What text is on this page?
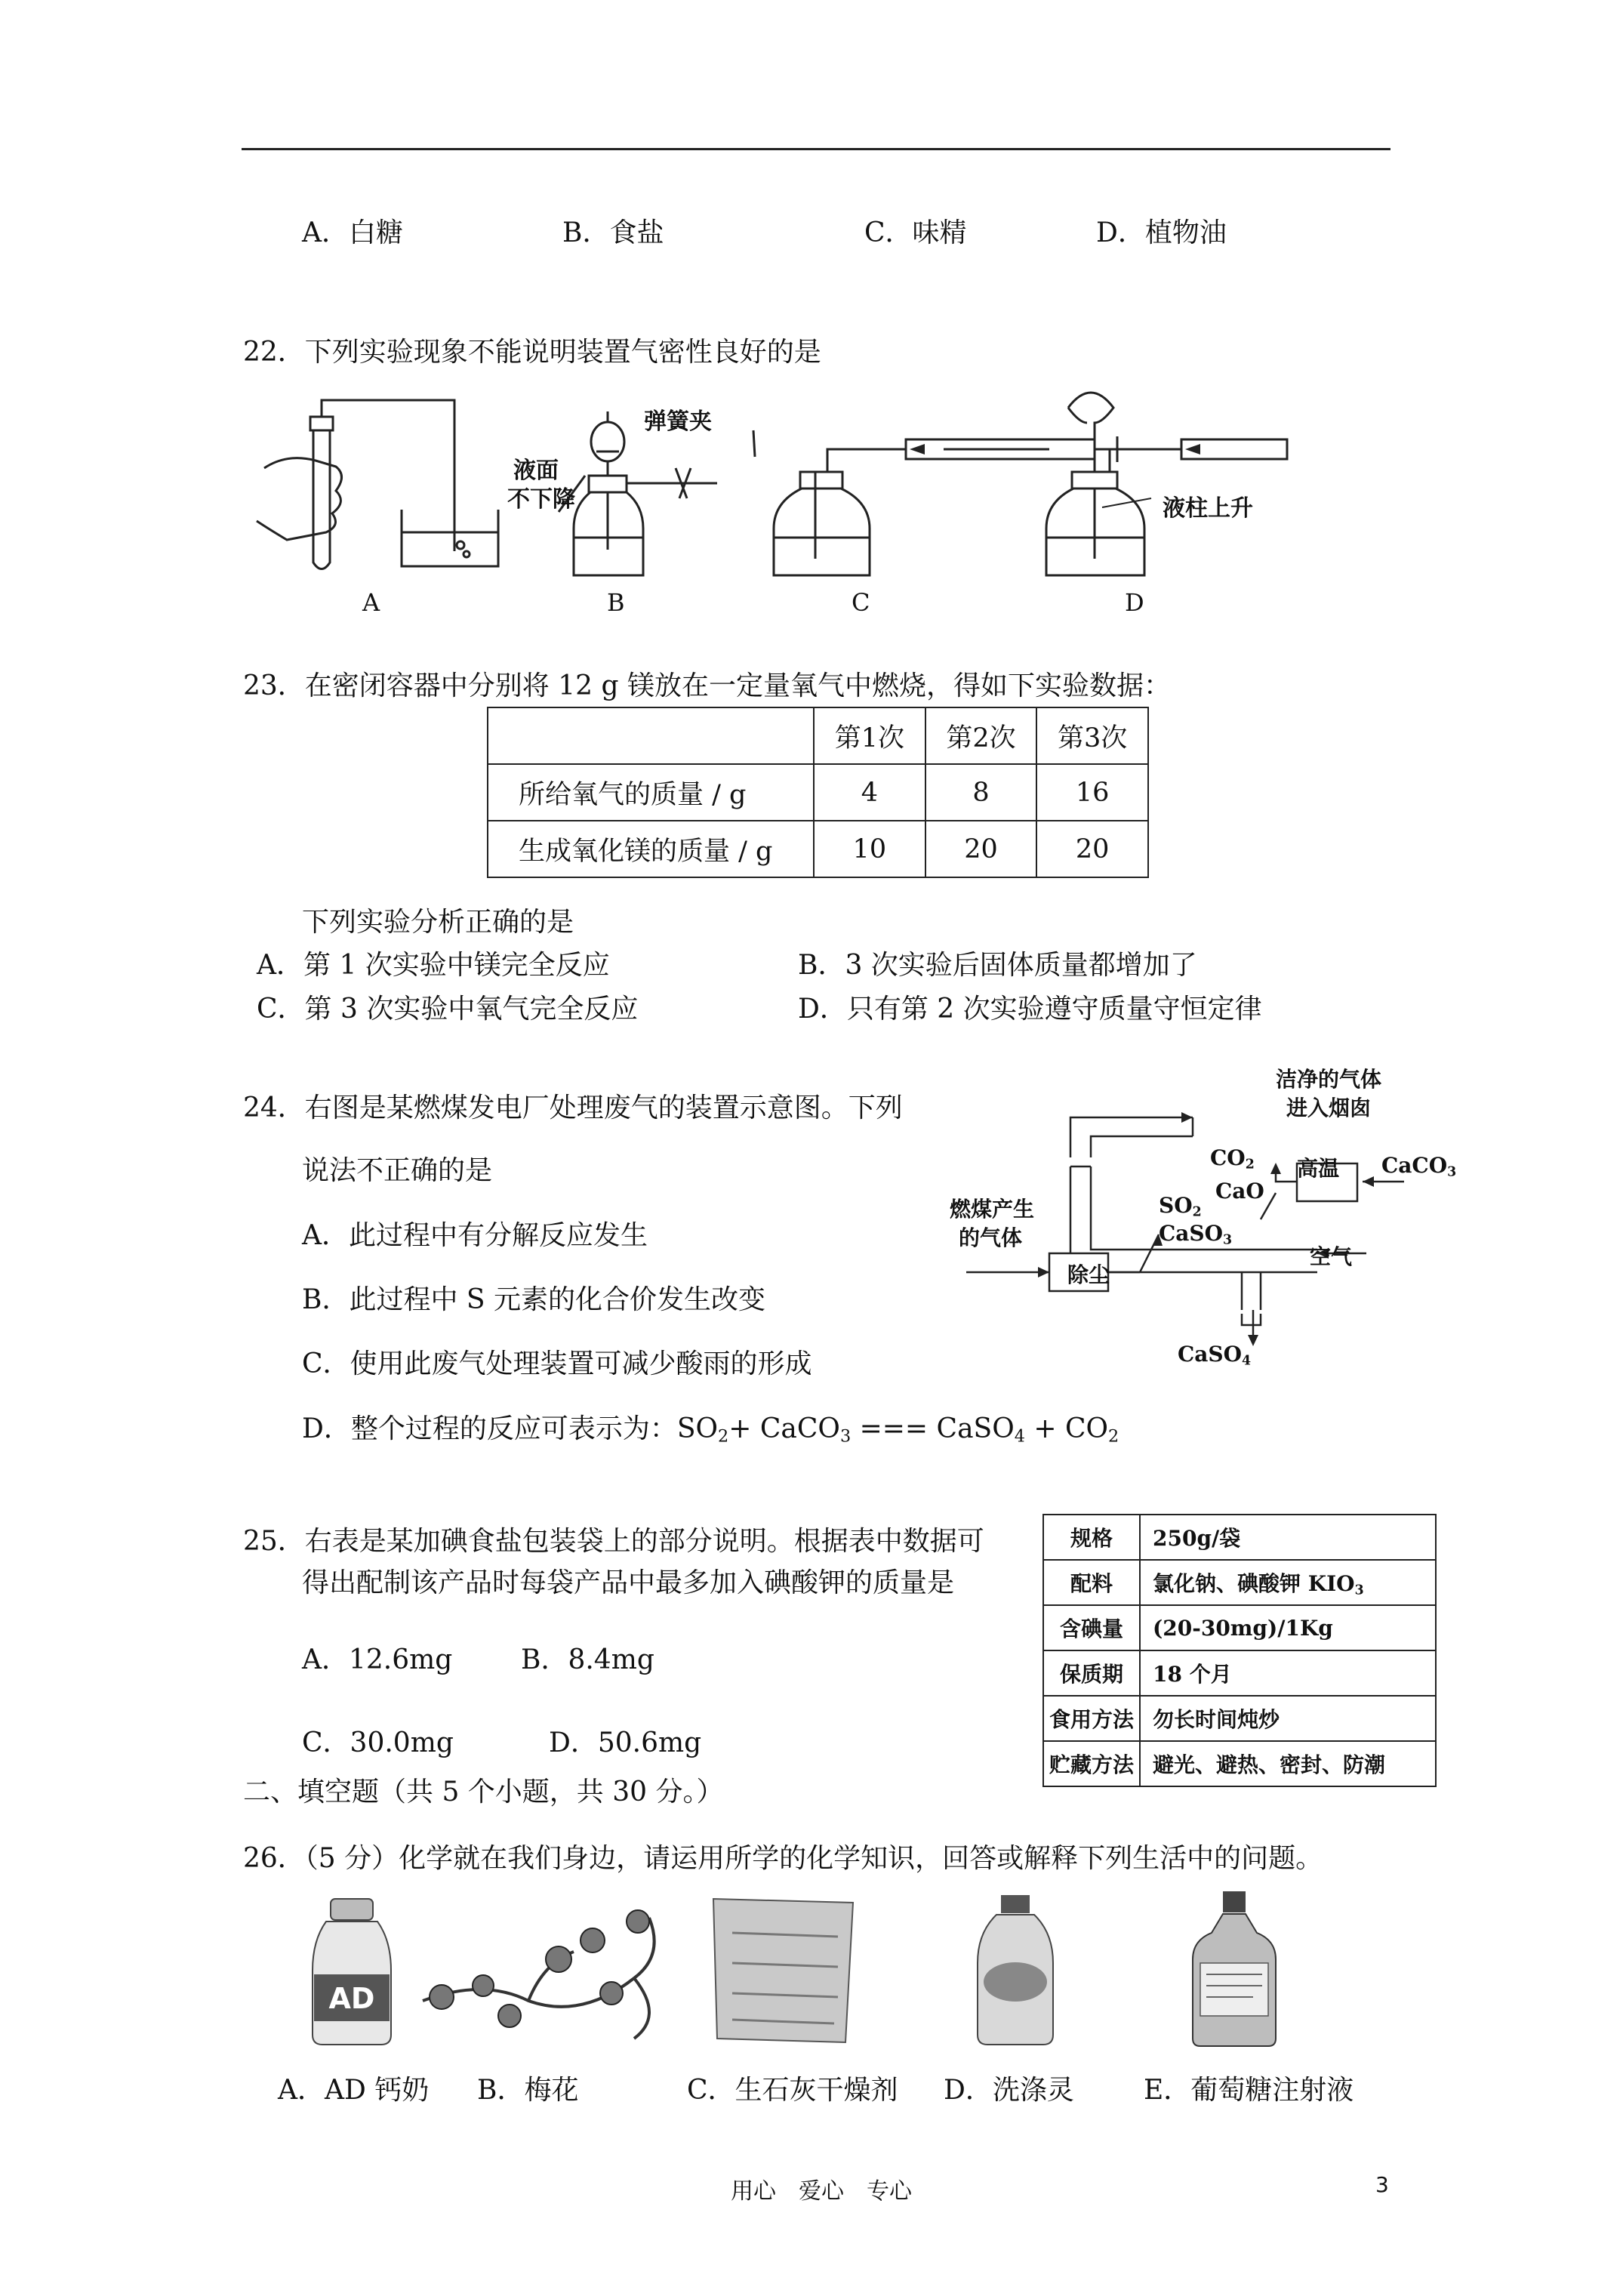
A．白糖	B．食盐	C．味精	D．植物油
22．下列实验现象不能说明装置气密性良好的是
弹簧夹
液面
不下降	液柱上升
A	B	C	D
23．在密闭容器中分别将 12 g 镁放在一定量氧气中燃烧，得如下实验数据：
	第1次	第2次	第3次
所给氧气的质量 / g	4	8	16
生成氧化镁的质量 / g	10	20	20
下列实验分析正确的是
A．第 1 次实验中镁完全反应	B．3 次实验后固体质量都增加了
C．第 3 次实验中氧气完全反应	D．只有第 2 次实验遵守质量守恒定律
24．右图是某燃煤发电厂处理废气的装置示意图。下列
说法不正确的是
A．此过程中有分解反应发生
B．此过程中 S 元素的化合价发生改变
C．使用此废气处理装置可减少酸雨的形成
D．整个过程的反应可表示为：$SO_2+$ CaCO$_3$ === CaSO$_4$ + $CO_2$
洁净的气体
进入烟囱
$CO_2$ 高温 CaCO$_3$
CaO
燃煤产生
的气体
$SO_2$
CaSO$_3$
除尘
空气
CaSO$_4$
25．右表是某加碘食盐包装袋上的部分说明。根据表中数据可
得出配制该产品时每袋产品中最多加入碘酸钾的质量是
A．12.6mg	B．8.4mg
C．30.0mg	D．50.6mg
规格	250g/袋
配料	氯化钠、碘酸钾 $KIO_3$
含碘量	(20-30mg)/1Kg
保质期	18 个月
食用方法	勿长时间炖炒
贮藏方法	避光、避热、密封、防潮
二、填空题（共 5 个小题，共 30 分。）
26．（5 分）化学就在我们身边，请运用所学的化学知识，回答或解释下列生活中的问题。
AD
A．AD 钙奶 B．梅花	C．生石灰干燥剂 D．洗涤灵	E．葡萄糖注射液
用心　爱心　专心	3
